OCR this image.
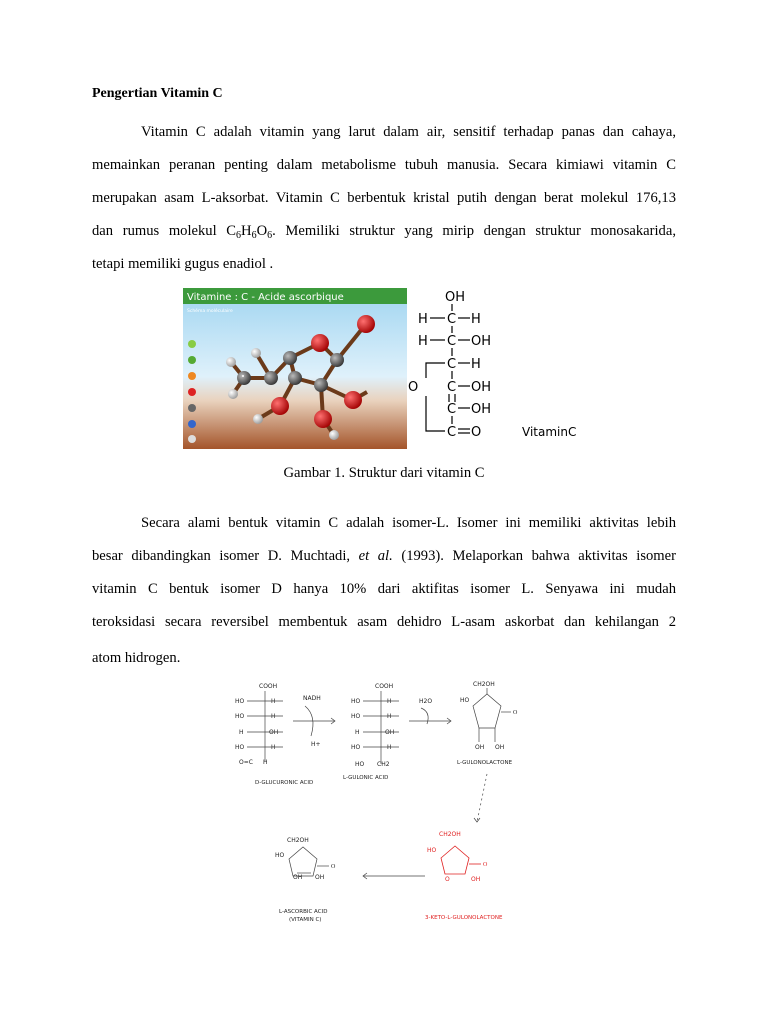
Pengertian Vitamin C
Vitamin C adalah vitamin yang larut dalam air, sensitif terhadap panas dan cahaya,
memainkan peranan penting dalam metabolisme tubuh manusia. Secara kimiawi vitamin C
merupakan asam L-aksorbat. Vitamin C berbentuk kristal putih dengan berat molekul 176,13
dan rumus molekul $C_6H_6O_6$. Memiliki struktur yang mirip dengan struktur monosakarida,
tetapi memiliki gugus enadiol .
Vitamine : C - Acide ascorbique
Schéma moléculaire
OH
H C H
H C OH
C H
O C OH
C OH
C O	VitaminC
Gambar 1. Struktur dari vitamin C
Secara alami bentuk vitamin C adalah isomer-L. Isomer ini memiliki aktivitas lebih
besar dibandingkan isomer D. Muchtadi, et al. (1993). Melaporkan bahwa aktivitas isomer
vitamin C bentuk isomer D hanya 10% dari aktifitas isomer L. Senyawa ini mudah
teroksidasi secara reversibel membentuk asam dehidro L-asam askorbat dan kehilangan 2
atom hidrogen.
COOH
HO	H
HO	H
H	OH
HO	H
O=C H
D-GLUCURONIC ACID
NADH
H+
COOH
HO	H
HO	H
H	OH
HO	H
HO CH2
L-GULONIC ACID
H2O
CH2OH
HO
OH OH
L-GULONOLACTONE
CH2OH
HO
OH OH
L-ASCORBIC ACID
(VITAMIN C)
CH2OH
HO
O	OH
3-KETO-L-GULONOLACTONE
O
O	O
